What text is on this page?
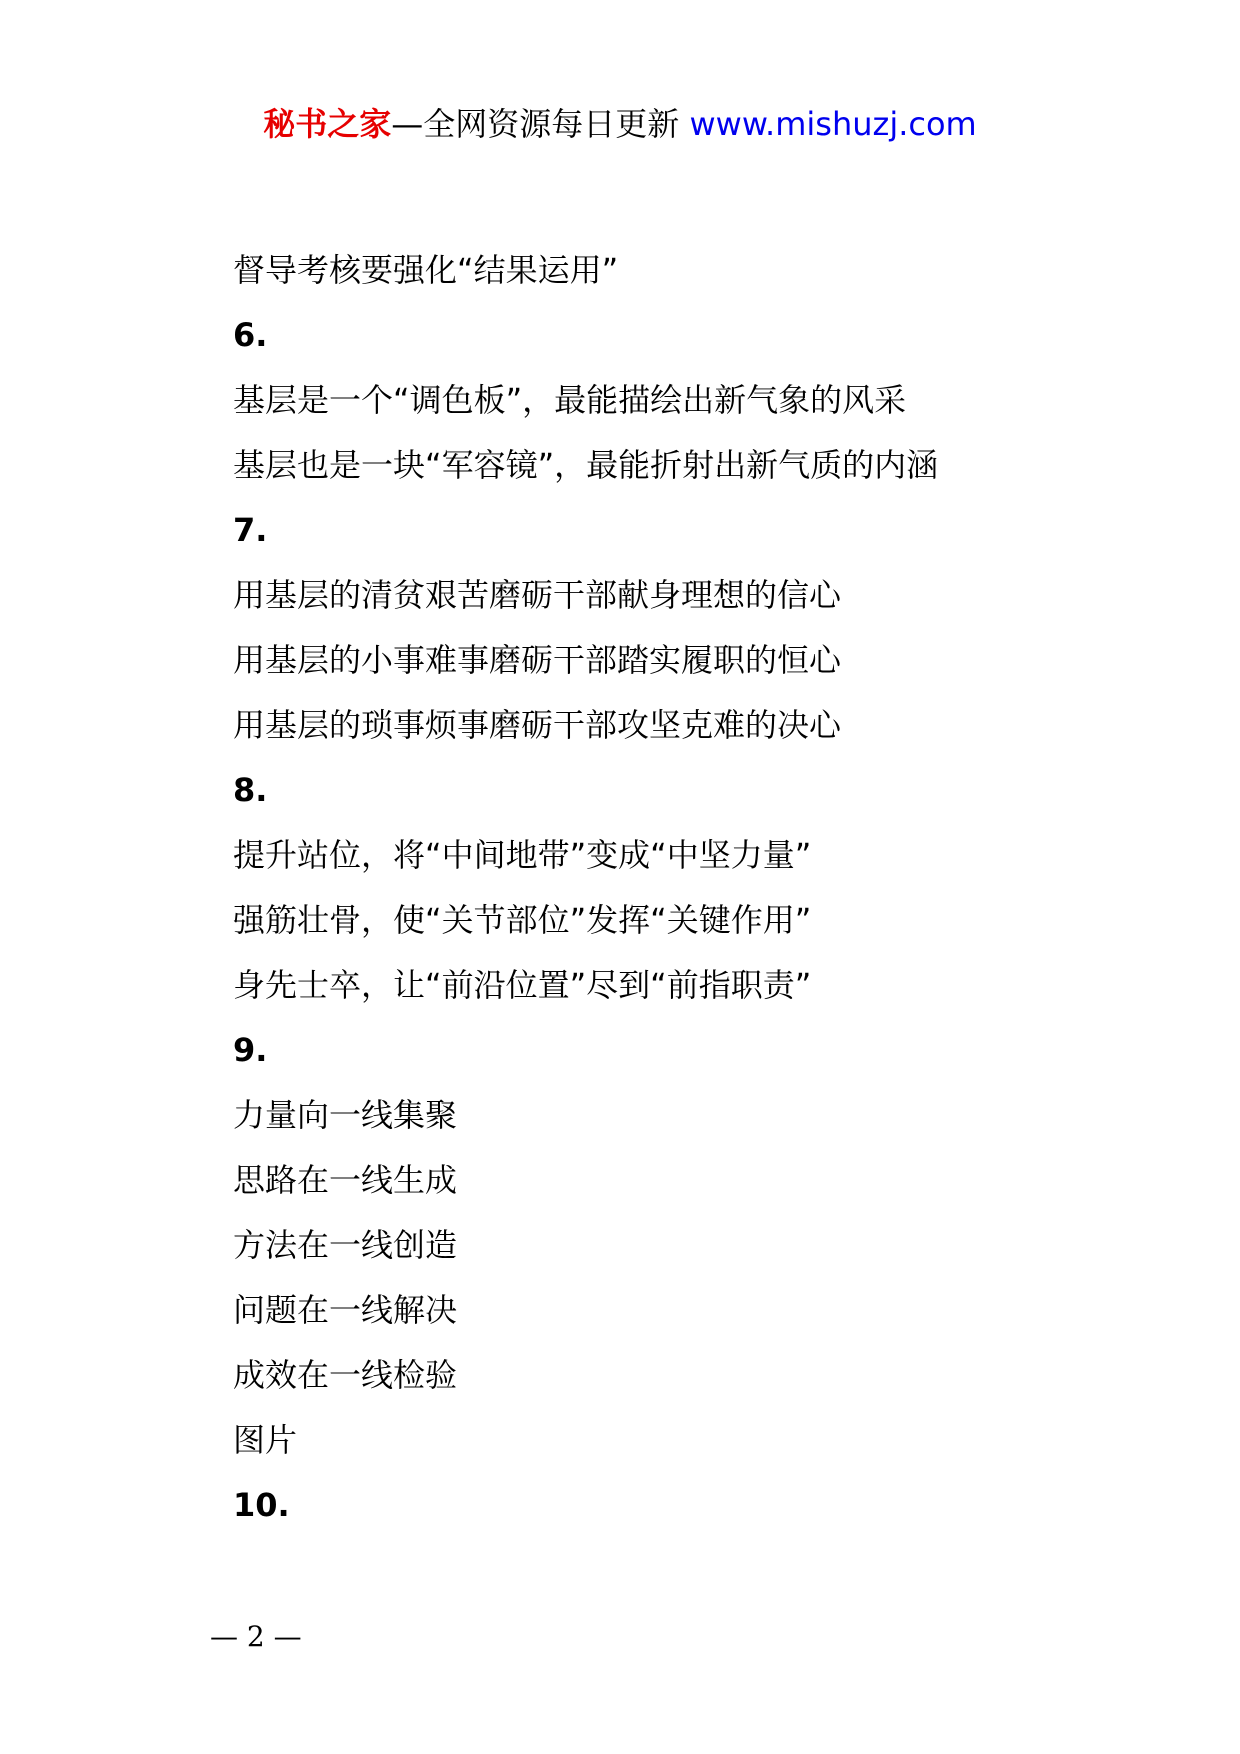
秘书之家—全网资源每日更新 www.mishuzj.com
督导考核要强化“结果运用”
6.
基层是一个“调色板”，最能描绘出新气象的风采
基层也是一块“军容镜”，最能折射出新气质的内涵
7.
用基层的清贫艰苦磨砺干部献身理想的信心
用基层的小事难事磨砺干部踏实履职的恒心
用基层的琐事烦事磨砺干部攻坚克难的决心
8.
提升站位，将“中间地带”变成“中坚力量”
强筋壮骨，使“关节部位”发挥“关键作用”
身先士卒，让“前沿位置”尽到“前指职责”
9.
力量向一线集聚
思路在一线生成
方法在一线创造
问题在一线解决
成效在一线检验
图片
10.
— 2 —
